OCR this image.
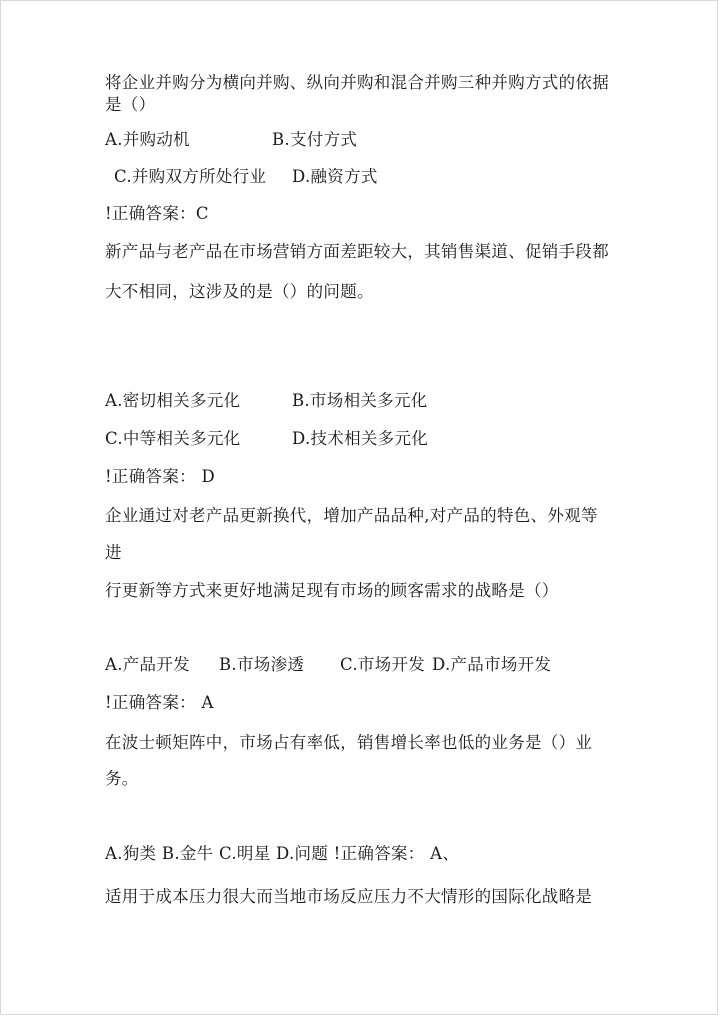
将企业并购分为横向并购、纵向并购和混合并购三种并购方式的依据
是（）
A.并购动机	B.支付方式
C.并购双方所处行业 D.融资方式
!正确答案：C
新产品与老产品在市场营销方面差距较大，其销售渠道、促销手段都
大不相同，这涉及的是（）的问题。
A.密切相关多元化	B.市场相关多元化
C.中等相关多元化	D.技术相关多元化
!正确答案： D
企业通过对老产品更新换代，增加产品品种,对产品的特色、外观等
进
行更新等方式来更好地满足现有市场的顾客需求的战略是（）
A.产品开发 B.市场渗透 C.市场开发 D.产品市场开发
!正确答案： A
在波士顿矩阵中，市场占有率低，销售增长率也低的业务是（）业
务。
A.狗类 B.金牛 C.明星 D.问题 !正确答案： A、
适用于成本压力很大而当地市场反应压力不大情形的国际化战略是
